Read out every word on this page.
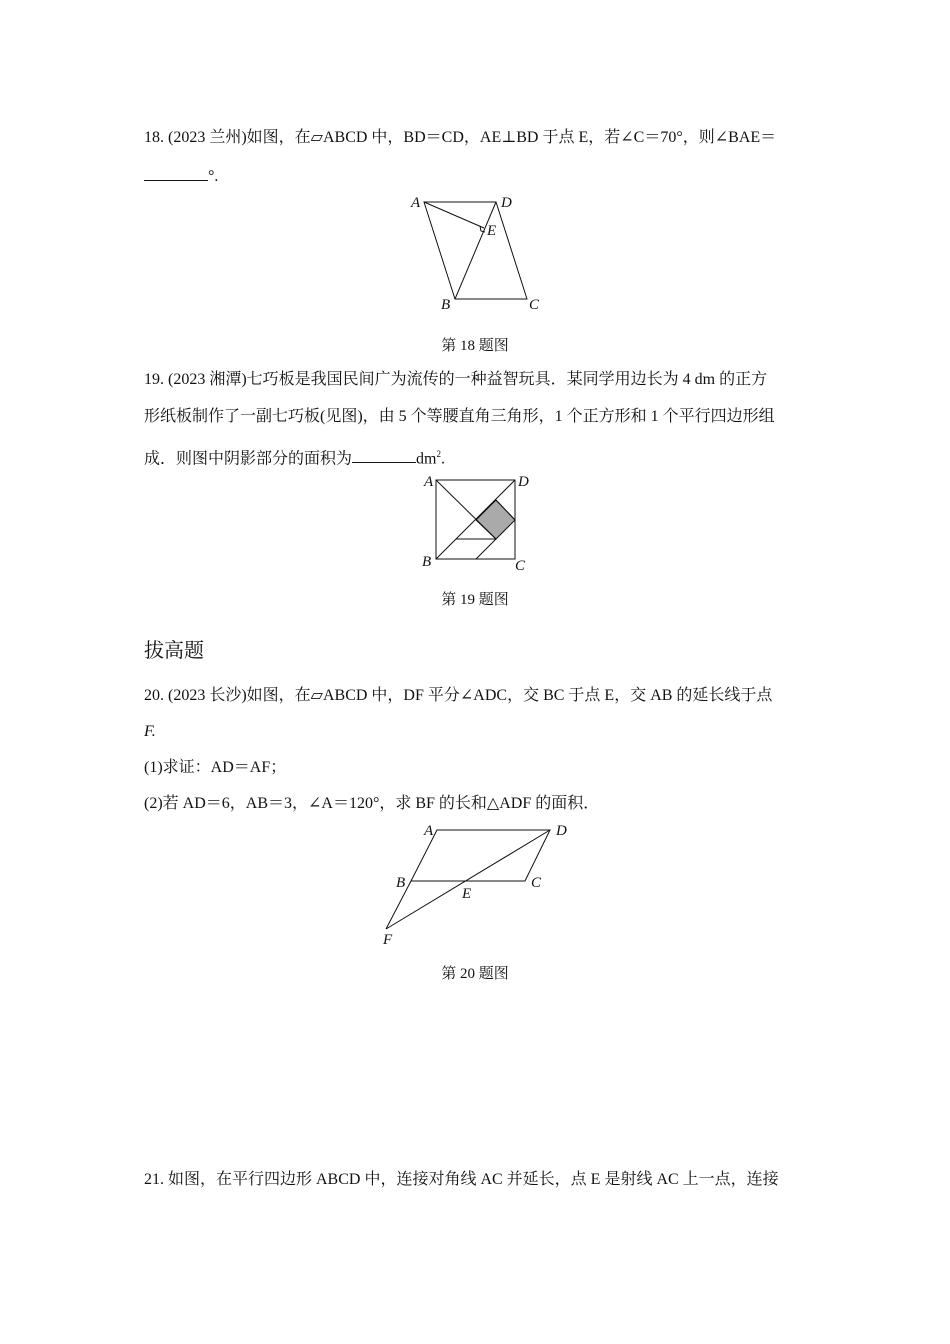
18. (2023 兰州)如图，在▱ABCD 中，BD＝CD，AE⊥BD 于点 E，若∠C＝70°，则∠BAE＝
°.
A	D
E
B	C
第 18 题图
19. (2023 湘潭)七巧板是我国民间广为流传的一种益智玩具．某同学用边长为 4 dm 的正方
形纸板制作了一副七巧板(见图)，由 5 个等腰直角三角形，1 个正方形和 1 个平行四边形组
成．则图中阴影部分的面积为	$dm^2$.
A	D
B	C
第 19 题图
拔高题
20. (2023 长沙)如图，在▱ABCD 中，DF 平分∠ADC，交 BC 于点 E，交 AB 的延长线于点
F.
(1)求证：AD＝AF；
(2)若 AD＝6，AB＝3，∠A＝120°，求 BF 的长和△ADF 的面积．
A	D
B	C
E
F
第 20 题图
21. 如图，在平行四边形 ABCD 中，连接对角线 AC 并延长，点 E 是射线 AC 上一点，连接
